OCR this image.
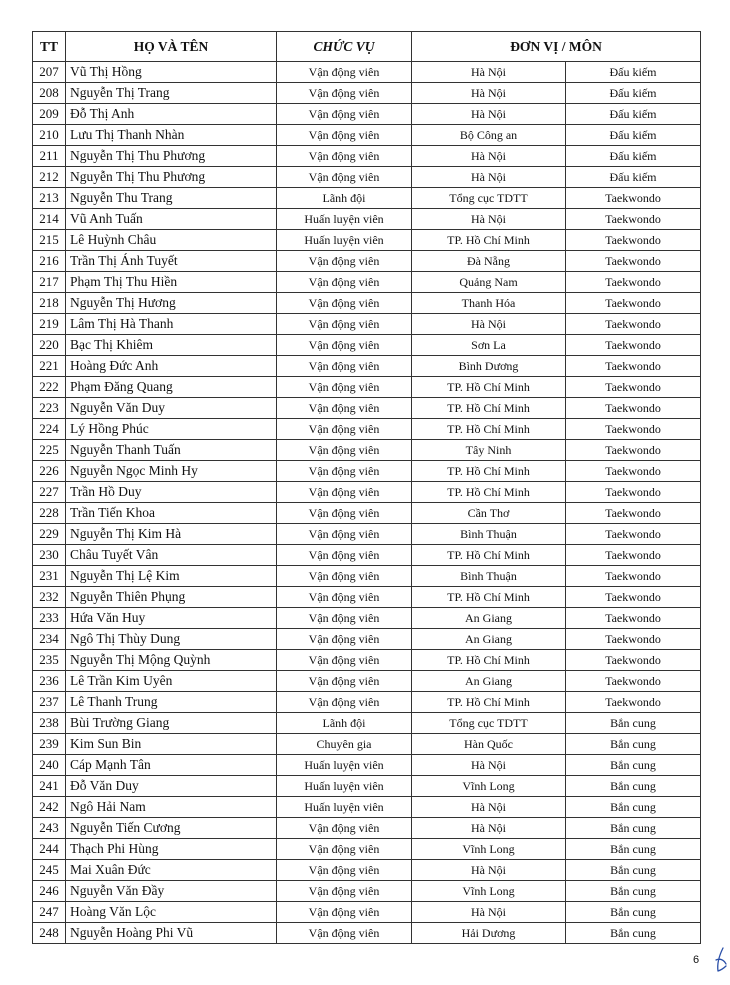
TT	HỌ VÀ TÊN	CHỨC VỤ	ĐƠN VỊ / MÔN	
207	Vũ Thị Hồng	Vận động viên	Hà Nội	Đấu kiếm
208	Nguyễn Thị Trang	Vận động viên	Hà Nội	Đấu kiếm
209	Đỗ Thị Anh	Vận động viên	Hà Nội	Đấu kiếm
210	Lưu Thị Thanh Nhàn	Vận động viên	Bộ Công an	Đấu kiếm
211	Nguyễn Thị Thu Phương	Vận động viên	Hà Nội	Đấu kiếm
212	Nguyễn Thị Thu Phương	Vận động viên	Hà Nội	Đấu kiếm
213	Nguyễn Thu Trang	Lãnh đội	Tổng cục TDTT	Taekwondo
214	Vũ Anh Tuấn	Huấn luyện viên	Hà Nội	Taekwondo
215	Lê Huỳnh Châu	Huấn luyện viên	TP. Hồ Chí Minh	Taekwondo
216	Trần Thị Ánh Tuyết	Vận động viên	Đà Nẵng	Taekwondo
217	Phạm Thị Thu Hiền	Vận động viên	Quảng Nam	Taekwondo
218	Nguyễn Thị Hương	Vận động viên	Thanh Hóa	Taekwondo
219	Lâm Thị Hà Thanh	Vận động viên	Hà Nội	Taekwondo
220	Bạc Thị Khiêm	Vận động viên	Sơn La	Taekwondo
221	Hoàng Đức Anh	Vận động viên	Bình Dương	Taekwondo
222	Phạm Đăng Quang	Vận động viên	TP. Hồ Chí Minh	Taekwondo
223	Nguyễn Văn Duy	Vận động viên	TP. Hồ Chí Minh	Taekwondo
224	Lý Hồng Phúc	Vận động viên	TP. Hồ Chí Minh	Taekwondo
225	Nguyễn Thanh Tuấn	Vận động viên	Tây Ninh	Taekwondo
226	Nguyễn Ngọc Minh Hy	Vận động viên	TP. Hồ Chí Minh	Taekwondo
227	Trần Hồ Duy	Vận động viên	TP. Hồ Chí Minh	Taekwondo
228	Trần Tiến Khoa	Vận động viên	Cần Thơ	Taekwondo
229	Nguyễn Thị Kim Hà	Vận động viên	Bình Thuận	Taekwondo
230	Châu Tuyết Vân	Vận động viên	TP. Hồ Chí Minh	Taekwondo
231	Nguyễn Thị Lệ Kim	Vận động viên	Bình Thuận	Taekwondo
232	Nguyễn Thiên Phụng	Vận động viên	TP. Hồ Chí Minh	Taekwondo
233	Hứa Văn Huy	Vận động viên	An Giang	Taekwondo
234	Ngô Thị Thùy Dung	Vận động viên	An Giang	Taekwondo
235	Nguyễn Thị Mộng Quỳnh	Vận động viên	TP. Hồ Chí Minh	Taekwondo
236	Lê Trần Kim Uyên	Vận động viên	An Giang	Taekwondo
237	Lê Thanh Trung	Vận động viên	TP. Hồ Chí Minh	Taekwondo
238	Bùi Trường Giang	Lãnh đội	Tổng cục TDTT	Bắn cung
239	Kim Sun Bin	Chuyên gia	Hàn Quốc	Bắn cung
240	Cáp Mạnh Tân	Huấn luyện viên	Hà Nội	Bắn cung
241	Đỗ Văn Duy	Huấn luyện viên	Vĩnh Long	Bắn cung
242	Ngô Hải Nam	Huấn luyện viên	Hà Nội	Bắn cung
243	Nguyễn Tiến Cương	Vận động viên	Hà Nội	Bắn cung
244	Thạch Phi Hùng	Vận động viên	Vĩnh Long	Bắn cung
245	Mai Xuân Đức	Vận động viên	Hà Nội	Bắn cung
246	Nguyễn Văn Đầy	Vận động viên	Vĩnh Long	Bắn cung
247	Hoàng Văn Lộc	Vận động viên	Hà Nội	Bắn cung
248	Nguyễn Hoàng Phi Vũ	Vận động viên	Hải Dương	Bắn cung
6
